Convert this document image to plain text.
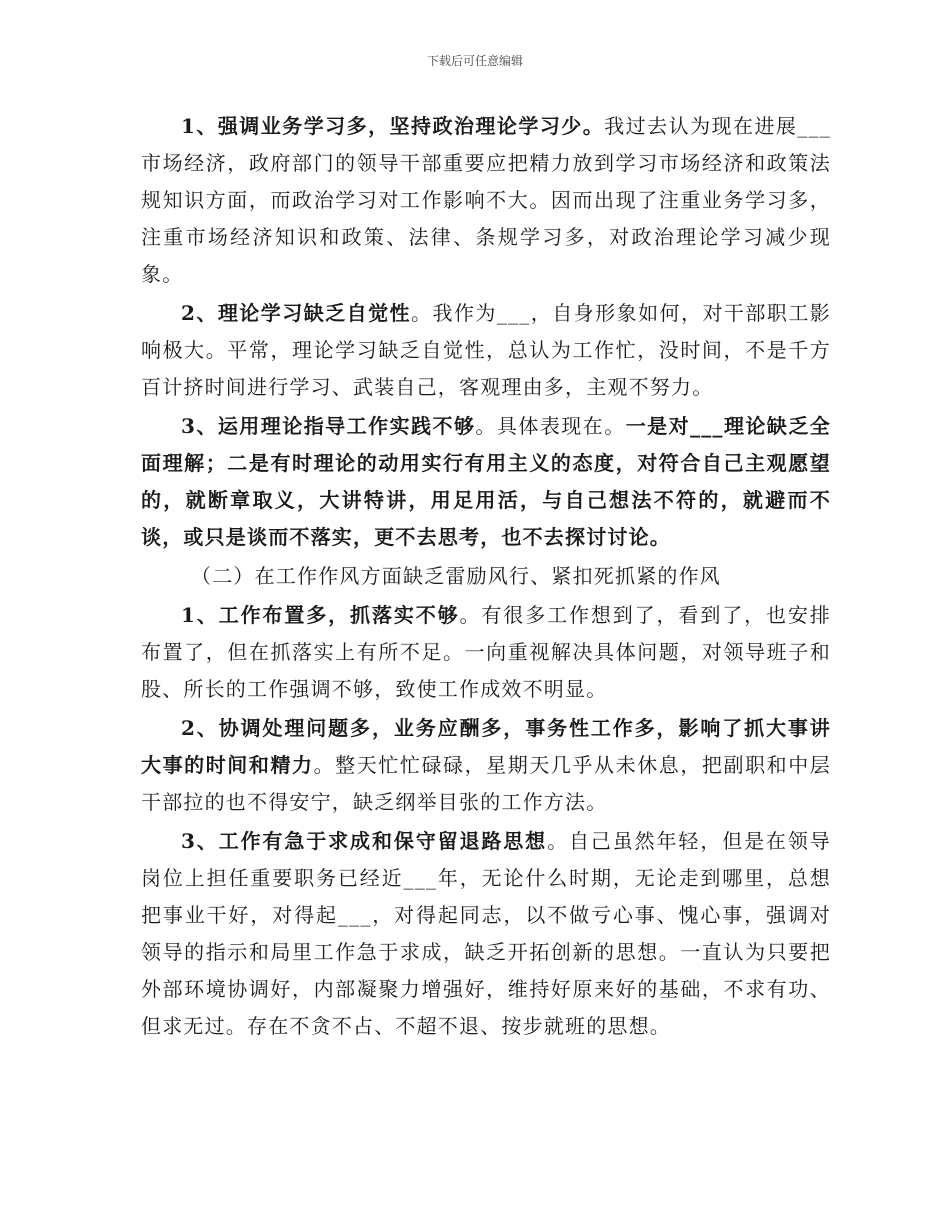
下载后可任意编辑

1、强调业务学习多，坚持政治理论学习少。我过去认为现在进展___市场经济，政府部门的领导干部重要应把精力放到学习市场经济和政策法规知识方面，而政治学习对工作影响不大。因而出现了注重业务学习多，注重市场经济知识和政策、法律、条规学习多，对政治理论学习减少现象。

2、理论学习缺乏自觉性。我作为___，自身形象如何，对干部职工影响极大。平常，理论学习缺乏自觉性，总认为工作忙，没时间，不是千方百计挤时间进行学习、武装自己，客观理由多，主观不努力。

3、运用理论指导工作实践不够。具体表现在。一是对___理论缺乏全面理解；二是有时理论的动用实行有用主义的态度，对符合自己主观愿望的，就断章取义，大讲特讲，用足用活，与自己想法不符的，就避而不谈，或只是谈而不落实，更不去思考，也不去探讨讨论。

（二）在工作作风方面缺乏雷励风行、紧扣死抓紧的作风

1、工作布置多，抓落实不够。有很多工作想到了，看到了，也安排布置了，但在抓落实上有所不足。一向重视解决具体问题，对领导班子和股、所长的工作强调不够，致使工作成效不明显。

2、协调处理问题多，业务应酬多，事务性工作多，影响了抓大事讲大事的时间和精力。整天忙忙碌碌，星期天几乎从未休息，把副职和中层干部拉的也不得安宁，缺乏纲举目张的工作方法。

3、工作有急于求成和保守留退路思想。自己虽然年轻，但是在领导岗位上担任重要职务已经近___年，无论什么时期，无论走到哪里，总想把事业干好，对得起___，对得起同志，以不做亏心事、愧心事，强调对领导的指示和局里工作急于求成，缺乏开拓创新的思想。一直认为只要把外部环境协调好，内部凝聚力增强好，维持好原来好的基础，不求有功、但求无过。存在不贪不占、不超不退、按步就班的思想。
